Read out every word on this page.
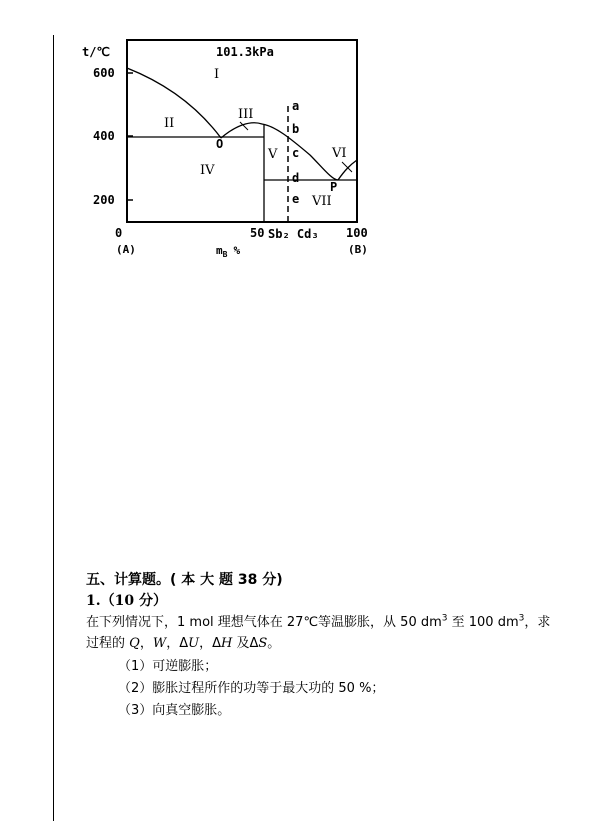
t/℃	101.3kPa
600
400
200
0	50 Sb₂ Cd₃ 100
(A)	(B)
$m_B$ %
I
II
III
IV
V	VI
VII
O
P
a
b
c
d
e
五、计算题。( 本 大 题 38 分)
1.（10 分）
在下列情况下，1 mol 理想气体在 27℃等温膨胀，从 50 $dm^3$ 至 100 $dm^3$，求
过程的 Q，W，ΔU，ΔH 及ΔS。
（1）可逆膨胀；
（2）膨胀过程所作的功等于最大功的 50 %；
（3）向真空膨胀。
